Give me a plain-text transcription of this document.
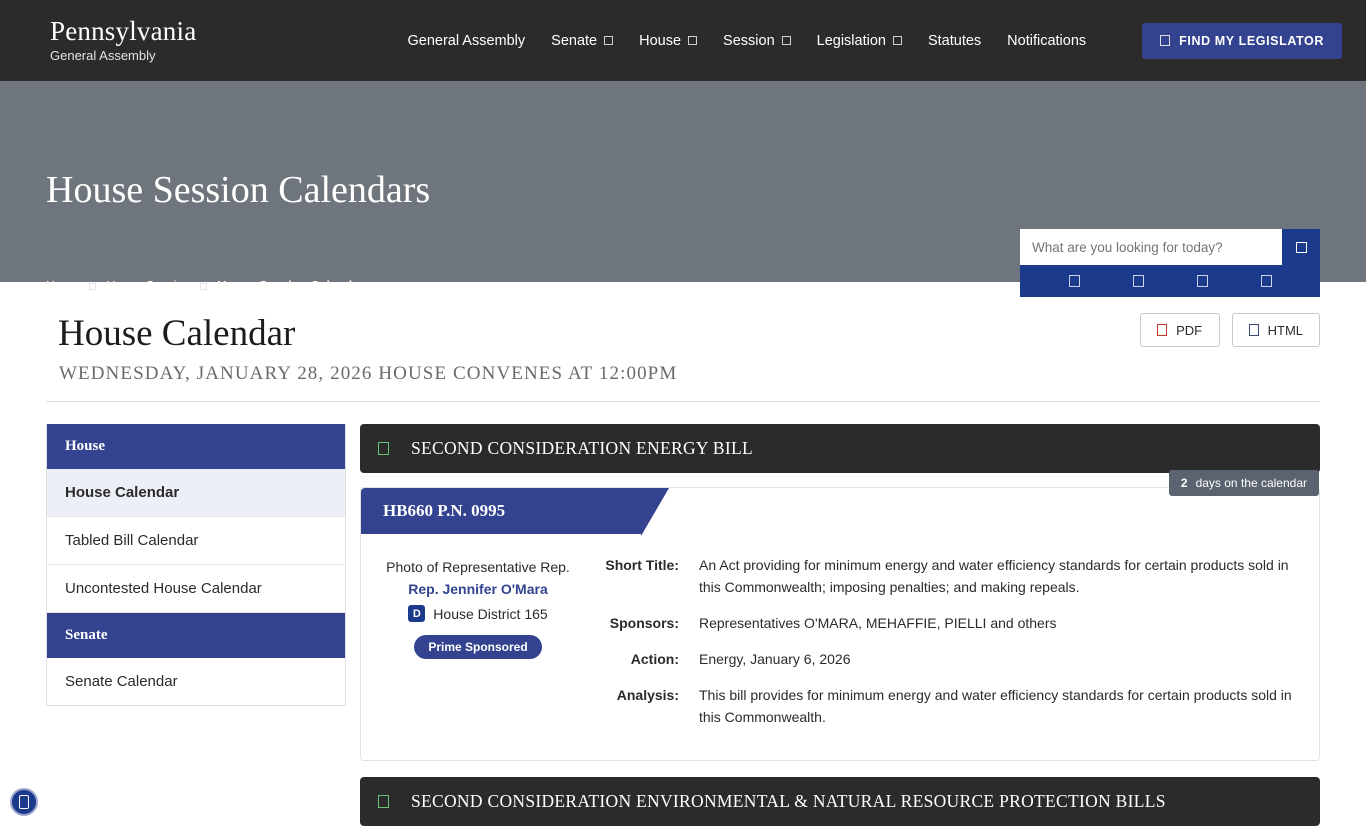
Pennsylvania
General Assembly
General Assembly Senate	House	Session	Legislation	Statutes Notifications	FIND MY LEGISLATOR
House Session Calendars
Home House Session House Session Calendars
What are you looking for today?
House Calendar
WEDNESDAY, JANUARY 28, 2026 HOUSE CONVENES AT 12:00PM
PDF	HTML
House
House Calendar
Tabled Bill Calendar
Uncontested House Calendar
Senate
Senate Calendar
SECOND CONSIDERATION ENERGY BILL
HB660 P.N. 0995
2 days on the calendar
Photo of Representative Rep.
Rep. Jennifer O'Mara
D House District 165
Prime Sponsored
Short Title: An Act providing for minimum energy and water efficiency standards for certain products sold in this Commonwealth; imposing penalties; and making repeals.
Sponsors: Representatives O'MARA, MEHAFFIE, PIELLI and others
Action: Energy, January 6, 2026
Analysis: This bill provides for minimum energy and water efficiency standards for certain products sold in this Commonwealth.
SECOND CONSIDERATION ENVIRONMENTAL & NATURAL RESOURCE PROTECTION BILLS
